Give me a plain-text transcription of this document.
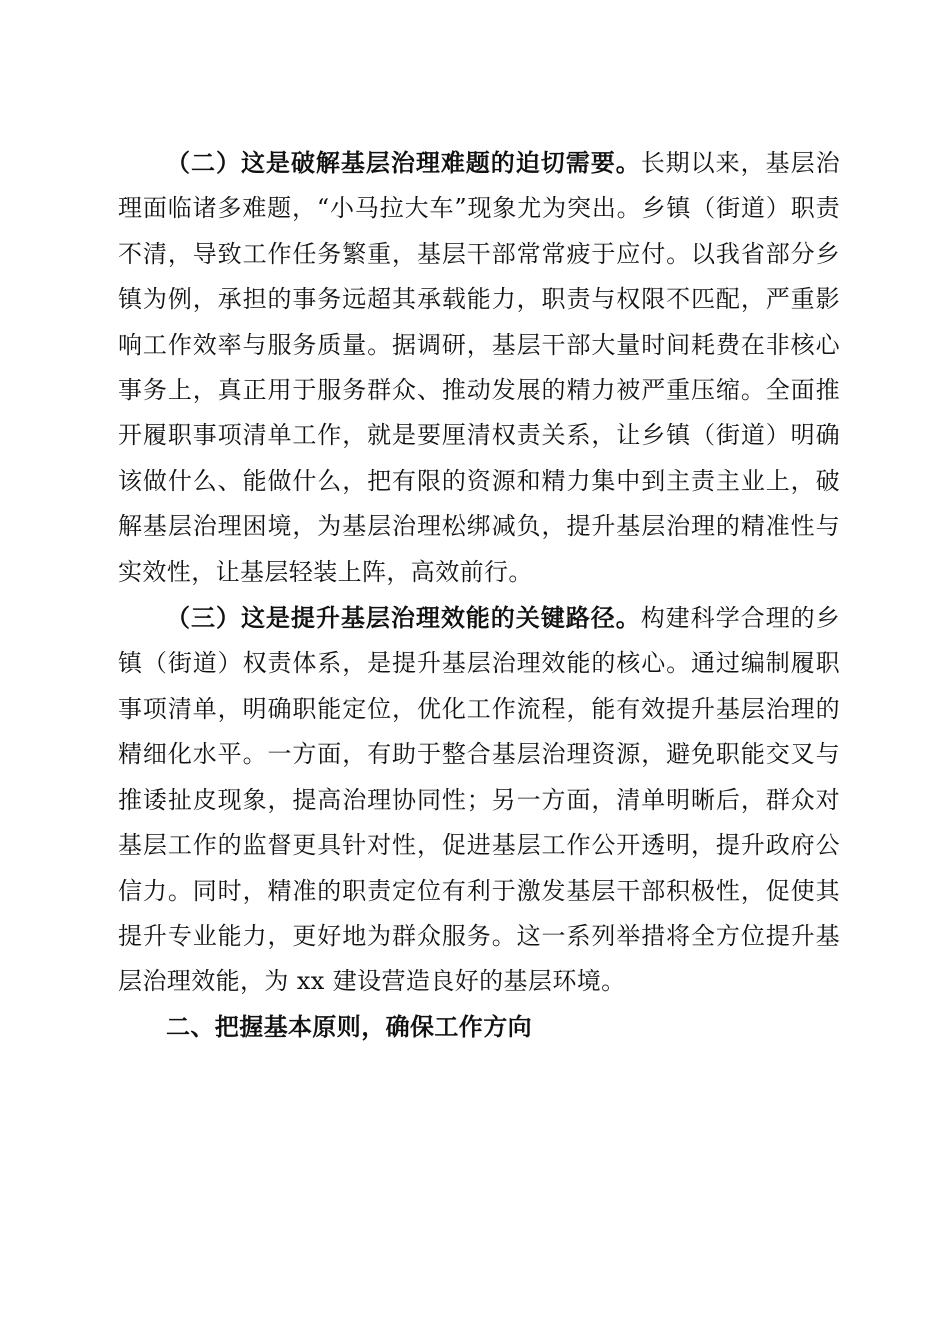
（二）这是破解基层治理难题的迫切需要。长期以来，基层治理面临诸多难题，“小马拉大车”现象尤为突出。乡镇（街道）职责不清，导致工作任务繁重，基层干部常常疲于应付。以我省部分乡镇为例，承担的事务远超其承载能力，职责与权限不匹配，严重影响工作效率与服务质量。据调研，基层干部大量时间耗费在非核心事务上，真正用于服务群众、推动发展的精力被严重压缩。全面推开履职事项清单工作，就是要厘清权责关系，让乡镇（街道）明确该做什么、能做什么，把有限的资源和精力集中到主责主业上，破解基层治理困境，为基层治理松绑减负，提升基层治理的精准性与实效性，让基层轻装上阵，高效前行。

（三）这是提升基层治理效能的关键路径。构建科学合理的乡镇（街道）权责体系，是提升基层治理效能的核心。通过编制履职事项清单，明确职能定位，优化工作流程，能有效提升基层治理的精细化水平。一方面，有助于整合基层治理资源，避免职能交叉与推诿扯皮现象，提高治理协同性；另一方面，清单明晰后，群众对基层工作的监督更具针对性，促进基层工作公开透明，提升政府公信力。同时，精准的职责定位有利于激发基层干部积极性，促使其提升专业能力，更好地为群众服务。这一系列举措将全方位提升基层治理效能，为 xx 建设营造良好的基层环境。

二、把握基本原则，确保工作方向
